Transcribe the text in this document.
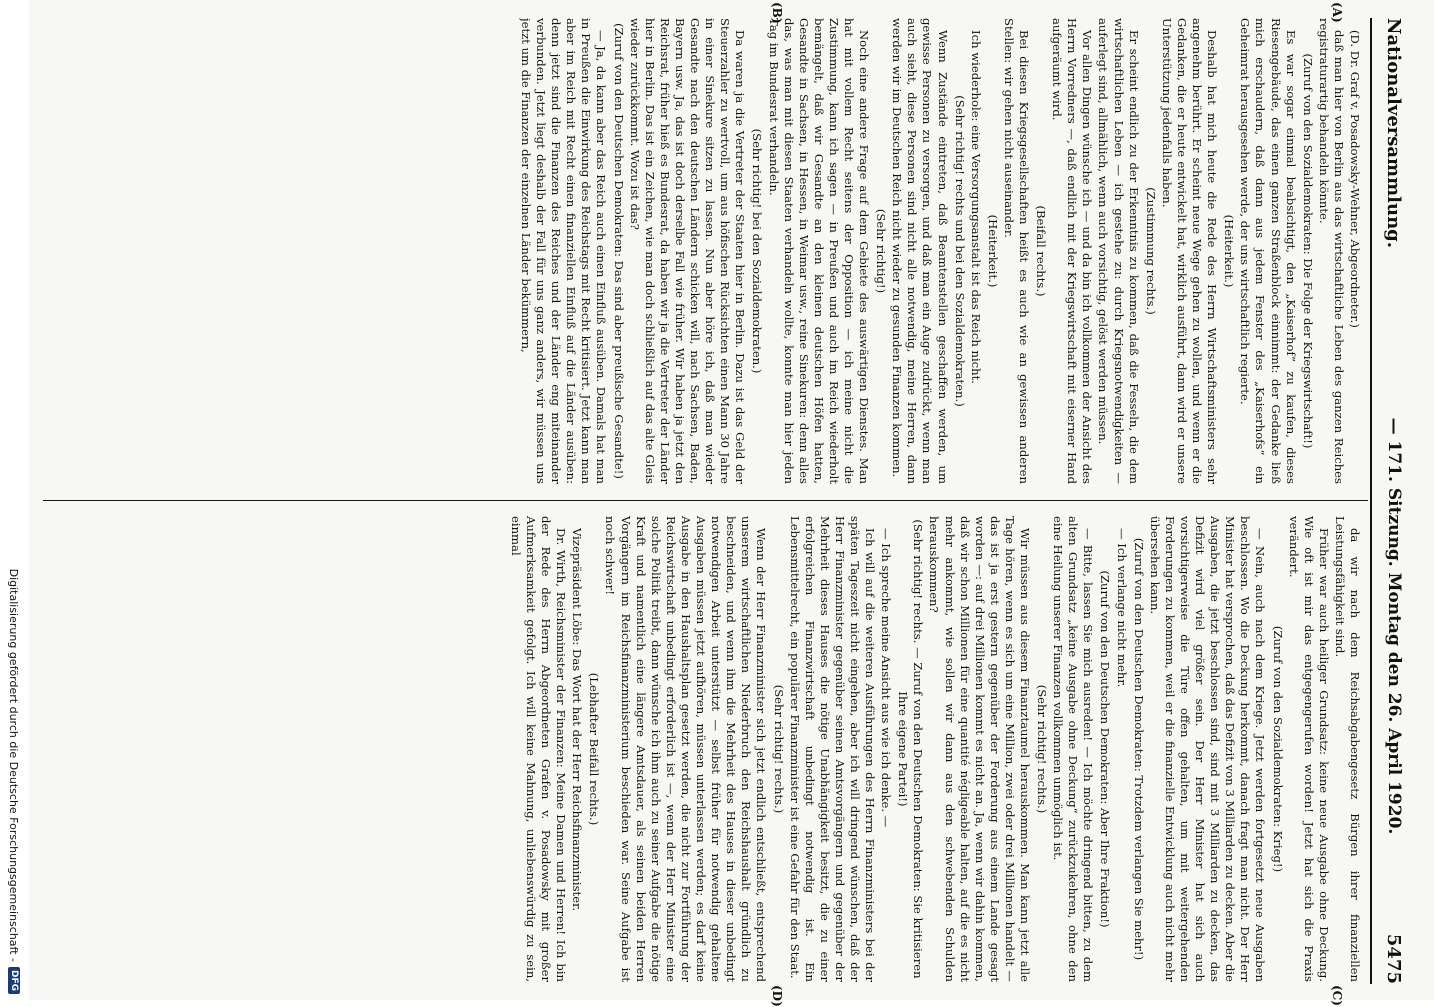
Nationalversammlung.
— 171. Sitzung. Montag den 26. April 1920.
5475
(A)
(B)
(C)
(D)

(D. Dr. Graf v. Posadowsky-Wehner, Abgeordneter.)

daß man hier von Berlin aus das wirtschaftliche Leben des ganzen Reiches registraturartig behandeln könnte.

(Zuruf von den Sozialdemokraten: Die Folge der Kriegswirtschaft!)

Es war sogar einmal beabsichtigt, den „Kaiserhof“ zu kaufen, dieses Riesengebäude, das einen ganzen Straßenblock einnimmt: der Gedanke ließ mich erschaudern, daß dann aus jedem Fenster des „Kaiserhofs“ ein Geheimrat herausgesehen werde, der uns wirtschaftlich regierte.

(Heiterkeit.)

Deshalb hat mich heute die Rede des Herrn Wirtschaftsministers sehr angenehm berührt. Er scheint neue Wege gehen zu wollen, und wenn er die Gedanken, die er heute entwickelt hat, wirklich ausführt, dann wird er unsere Unterstützung jedenfalls haben.

(Zustimmung rechts.)

Er scheint endlich zu der Erkenntnis zu kommen, daß die Fesseln, die dem wirtschaftlichen Leben — ich gestehe zu: durch Kriegsnotwendigkeiten — auferlegt sind, allmählich, wenn auch vorsichtig, gelöst werden müssen.

Vor allen Dingen wünsche ich — und da bin ich vollkommen der Ansicht des Herrn Vorredners —, daß endlich mit der Kriegswirtschaft mit eiserner Hand aufgeräumt wird.

(Beifall rechts.)

Bei diesen Kriegsgesellschaften heißt es auch wie an gewissen anderen Stellen: wir gehen nicht auseinander.

(Heiterkeit.)

Ich wiederhole: eine Versorgungsanstalt ist das Reich nicht.

(Sehr richtig! rechts und bei den Sozialdemokraten.)

Wenn Zustände eintreten, daß Beamtenstellen geschaffen werden, um gewisse Personen zu versorgen, und daß man ein Auge zudrückt, wenn man auch sieht, diese Personen sind nicht alle notwendig, meine Herren, dann werden wir im Deutschen Reich nicht wieder zu gesunden Finanzen kommen.

(Sehr richtig!)

Noch eine andere Frage auf dem Gebiete des auswärtigen Dienstes. Man hat mit vollem Recht seitens der Opposition — ich meine nicht die Zustimmung, kann ich sagen — in Preußen und auch im Reich wiederholt bemängelt, daß wir Gesandte an den kleinen deutschen Höfen hatten, Gesandte in Sachsen, in Hessen, in Weimar usw., reine Sinekuren: denn alles das, was man mit diesen Staaten verhandeln wollte, konnte man hier jeden Tag im Bundesrat verhandeln.

(Sehr richtig! bei den Sozialdemokraten.)

Da waren ja die Vertreter der Staaten hier in Berlin. Dazu ist das Geld der Steuerzahler zu wertvoll, um aus höfischen Rücksichten einen Mann 30 Jahre in einer Sinekure sitzen zu lassen. Nun aber höre ich, daß man wieder Gesandte nach den deutschen Ländern schicken will, nach Sachsen, Baden, Bayern usw. Ja, das ist doch derselbe Fall wie früher. Wir haben ja jetzt den Reichsrat, früher hieß es Bundesrat, da haben wir ja die Vertreter der Länder hier in Berlin. Das ist ein Zeichen, wie man doch schließlich auf das alte Gleis wieder zurückkommt. Wozu ist das?

(Zuruf von den Deutschen Demokraten: Das sind aber preußische Gesandte!)

— Ja, da kann aber das Reich auch einen Einfluß ausüben. Damals hat man in Preußen die Einwirkung des Reichstags mit Recht kritisiert. Jetzt kann man aber im Reich mit Recht einen finanziellen Einfluß auf die Länder ausüben: denn jetzt sind die Finanzen des Reiches und der Länder eng miteinander verbunden. Jetzt liegt deshalb der Fall für uns ganz anders, wir müssen uns jetzt um die Finanzen der einzelnen Länder bekümmern,

da wir nach dem Reichsabgabengesetz Bürgen ihrer finanziellen Leistungsfähigkeit sind.

Früher war auch heiliger Grundsatz: keine neue Ausgabe ohne Deckung. Wie oft ist mir das entgegengerufen worden! Jetzt hat sich die Praxis verändert.

(Zuruf von den Sozialdemokraten: Krieg!)

— Nein, auch nach dem Kriege. Jetzt werden fortgesetzt neue Ausgaben beschlossen. Wo die Deckung herkommt, danach fragt man nicht. Der Herr Minister hat versprochen, daß das Defizit von 3 Milliarden zu decken. Aber die Ausgaben, die jetzt beschlossen sind, sind mit 3 Milliarden zu decken, das Defizit wird viel größer sein. Der Herr Minister hat sich auch vorsichtigerweise die Türe offen gehalten, um mit weitergehenden Forderungen zu kommen, weil er die finanzielle Entwicklung auch nicht mehr übersehen kann.

(Zuruf von den Deutschen Demokraten: Trotzdem verlangen Sie mehr!)

— Ich verlange nicht mehr.

(Zuruf von den Deutschen Demokraten: Aber Ihre Fraktion!)

— Bitte, lassen Sie mich ausreden! — Ich möchte dringend bitten, zu dem alten Grundsatz „keine Ausgabe ohne Deckung“ zurückzukehren, ohne den eine Heilung unserer Finanzen vollkommen unmöglich ist.

(Sehr richtig! rechts.)

Wir müssen aus diesem Finanztaumel herauskommen. Man kann jetzt alle Tage hören, wenn es sich um eine Million, zwei oder drei Millionen handelt — das ist ja erst gestern gegenüber der Forderung aus einem Lande gesagt worden —: auf drei Millionen kommt es nicht an. Ja, wenn wir dahin kommen, daß wir schon Millionen für eine quantité négligeable halten, auf die es nicht mehr ankommt, wie sollen wir dann aus den schwebenden Schulden herauskommen?

(Sehr richtig! rechts. — Zuruf von den Deutschen Demokraten: Sie kritisieren Ihre eigene Partei!)

— Ich spreche meine Ansicht aus wie ich denke. —

Ich will auf die weiteren Ausführungen des Herrn Finanzministers bei der späten Tageszeit nicht eingehen, aber ich will dringend wünschen, daß der Herr Finanzminister gegenüber seinen Amtsvorgängern und gegenüber der Mehrheit dieses Hauses die nötige Unabhängigkeit besitzt, die zu einer erfolgreichen Finanzwirtschaft unbedingt notwendig ist. Ein Lebensmittelrecht, ein populärer Finanzminister ist eine Gefahr für den Staat.

(Sehr richtig! rechts.)

Wenn der Herr Finanzminister sich jetzt endlich entschließt, entsprechend unserem wirtschaftlichen Niederbruch den Reichshaushalt gründlich zu beschneiden, und wenn ihm die Mehrheit des Hauses in dieser unbedingt notwendigen Arbeit unterstützt — selbst früher für notwendig gehaltene Ausgaben müssen jetzt aufhören, müssen unterlassen werden; es darf keine Ausgabe in den Haushaltsplan gesetzt werden, die nicht zur Fortführung der Reichswirtschaft unbedingt erforderlich ist —, wenn der Herr Minister eine solche Politik treibt, dann wünsche ich ihm auch zu seiner Aufgabe die nötige Kraft und namentlich eine längere Amtsdauer, als seinen beiden Herren Vorgängern im Reichsfinanzministerium beschieden war. Seine Aufgabe ist noch schwer!

(Lebhafter Beifall rechts.)

Vizepräsident Löbe: Das Wort hat der Herr Reichsfinanzminister.

Dr. Wirth, Reichsminister der Finanzen: Meine Damen und Herren! Ich bin der Rede des Herrn Abgeordneten Grafen v. Posadowsky mit großer Aufmerksamkeit gefolgt. Ich will keine Mahnung, unliebenswürdig zu sein, einmal

Digitalisierung gefördert durch die Deutsche Forschungsgemeinschaft -
DFG
